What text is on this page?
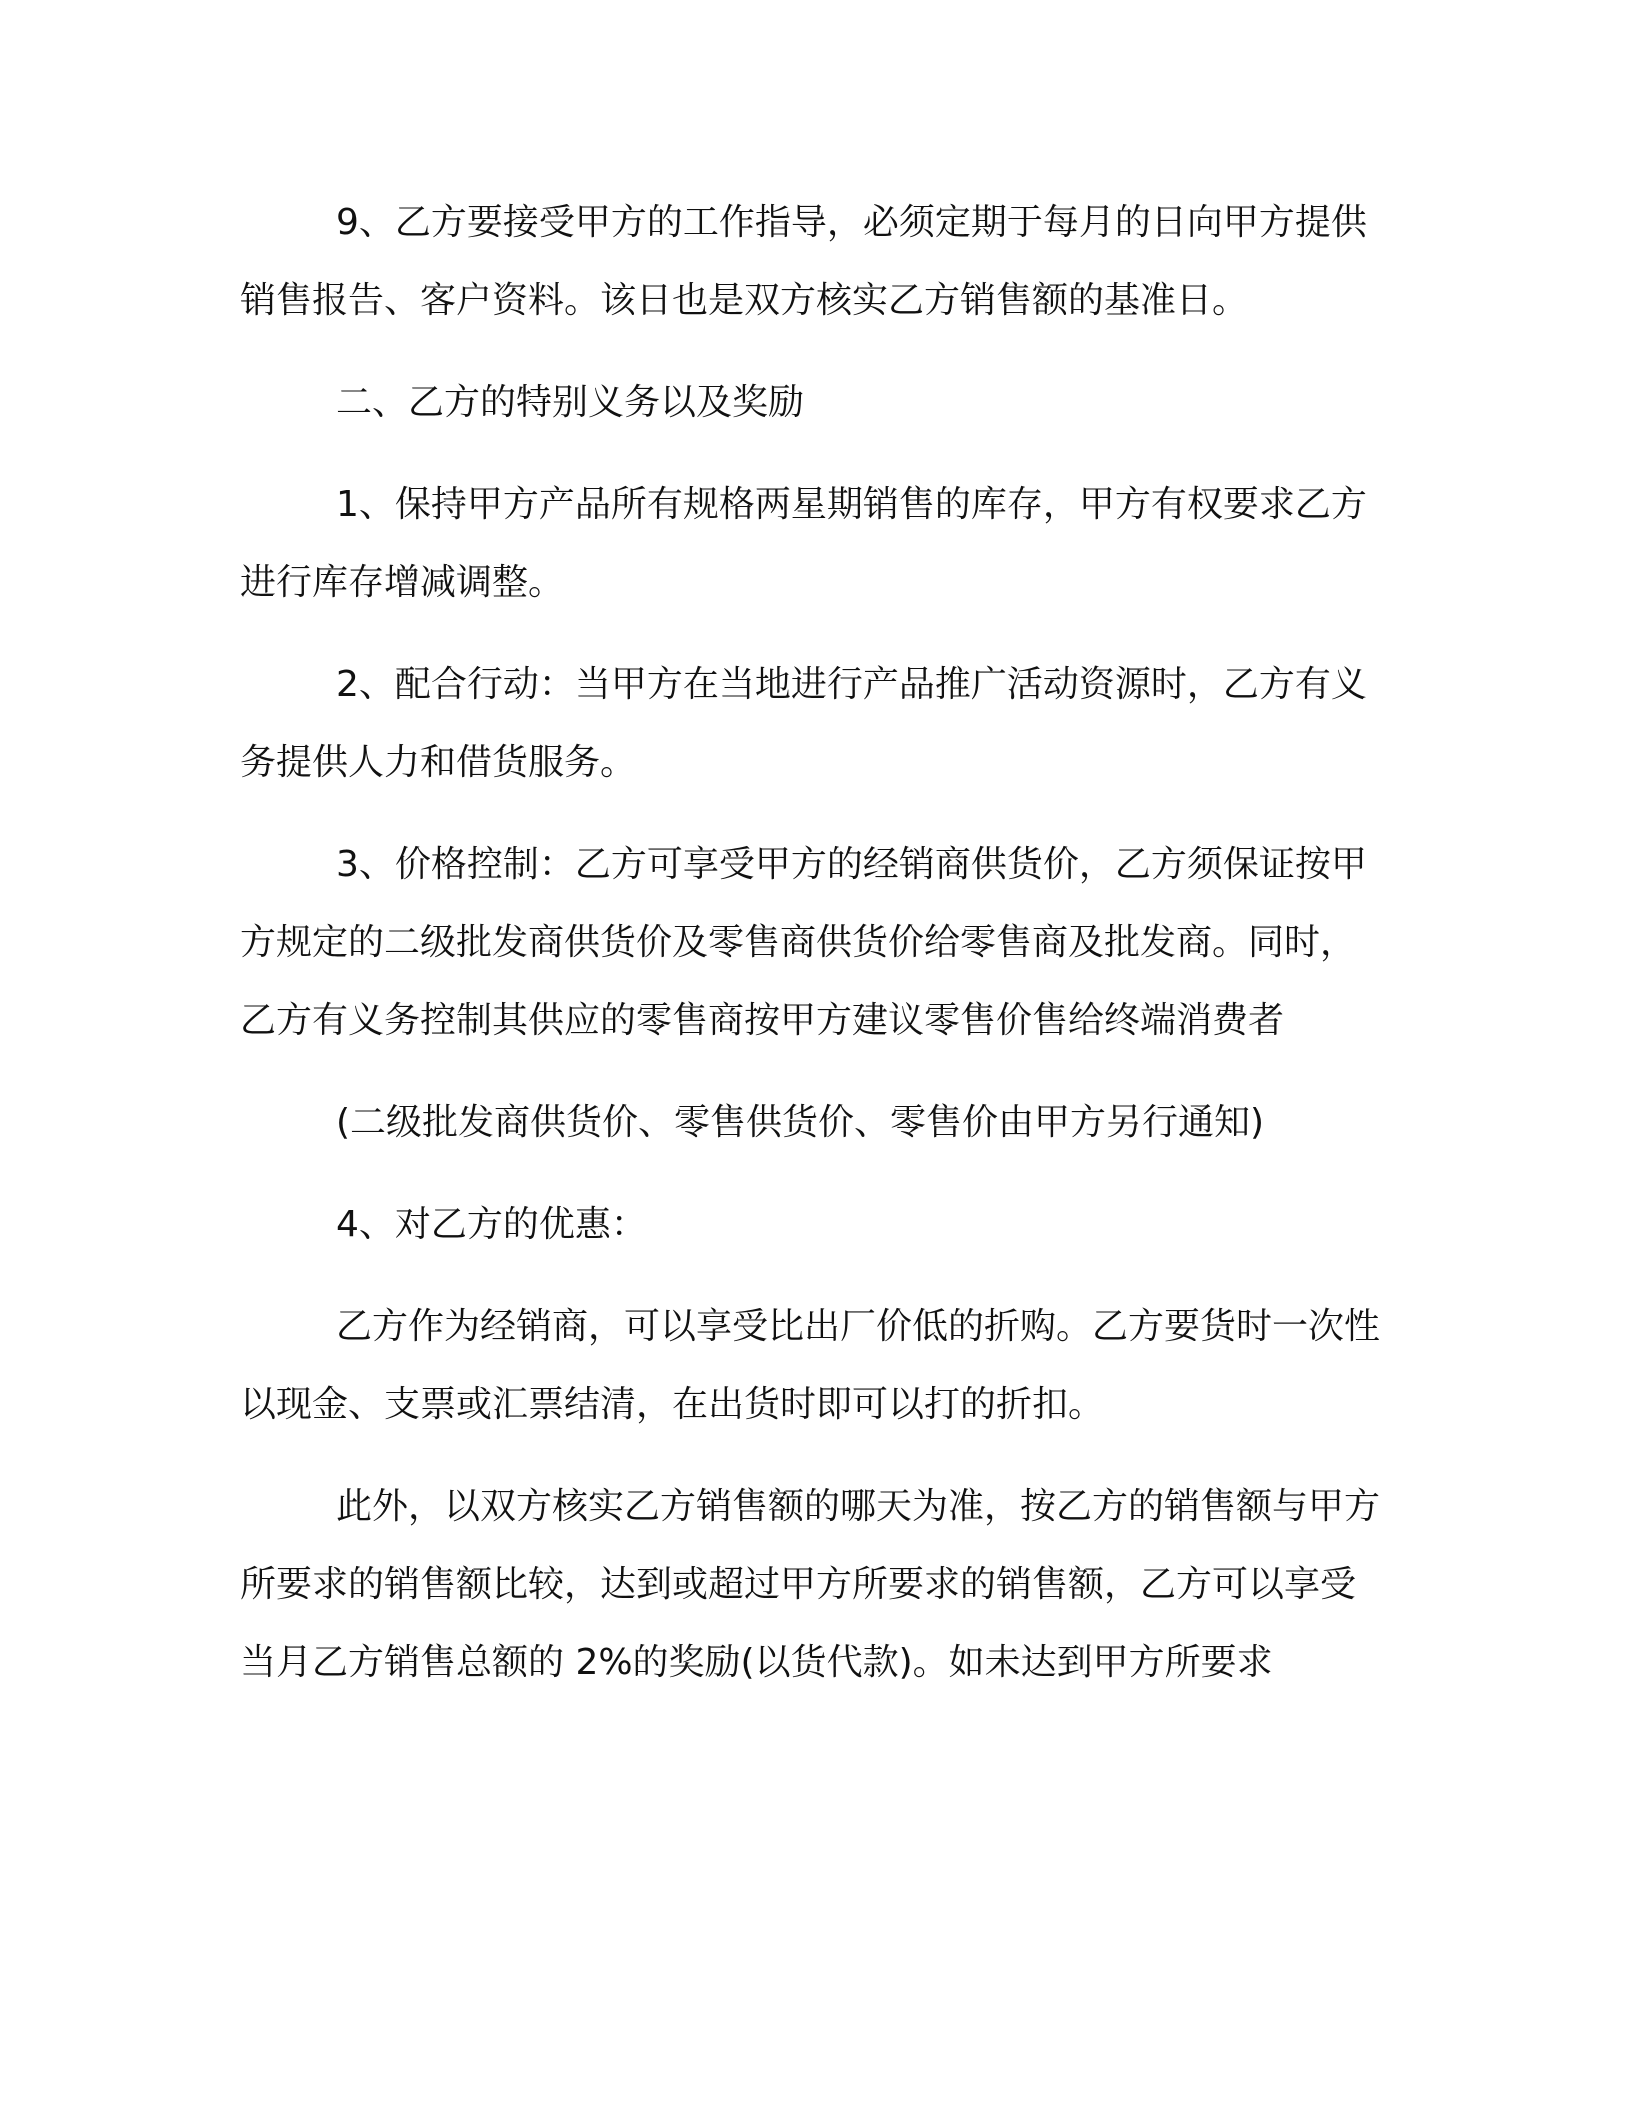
9、乙方要接受甲方的工作指导，必须定期于每月的日向甲方提供销售报告、客户资料。该日也是双方核实乙方销售额的基准日。

二、乙方的特别义务以及奖励

1、保持甲方产品所有规格两星期销售的库存，甲方有权要求乙方进行库存增减调整。

2、配合行动：当甲方在当地进行产品推广活动资源时，乙方有义务提供人力和借货服务。

3、价格控制：乙方可享受甲方的经销商供货价，乙方须保证按甲方规定的二级批发商供货价及零售商供货价给零售商及批发商。同时，乙方有义务控制其供应的零售商按甲方建议零售价售给终端消费者

(二级批发商供货价、零售供货价、零售价由甲方另行通知)

4、对乙方的优惠：

乙方作为经销商，可以享受比出厂价低的折购。乙方要货时一次性以现金、支票或汇票结清，在出货时即可以打的折扣。

此外，以双方核实乙方销售额的哪天为准，按乙方的销售额与甲方所要求的销售额比较，达到或超过甲方所要求的销售额，乙方可以享受当月乙方销售总额的 2%的奖励(以货代款)。如未达到甲方所要求
